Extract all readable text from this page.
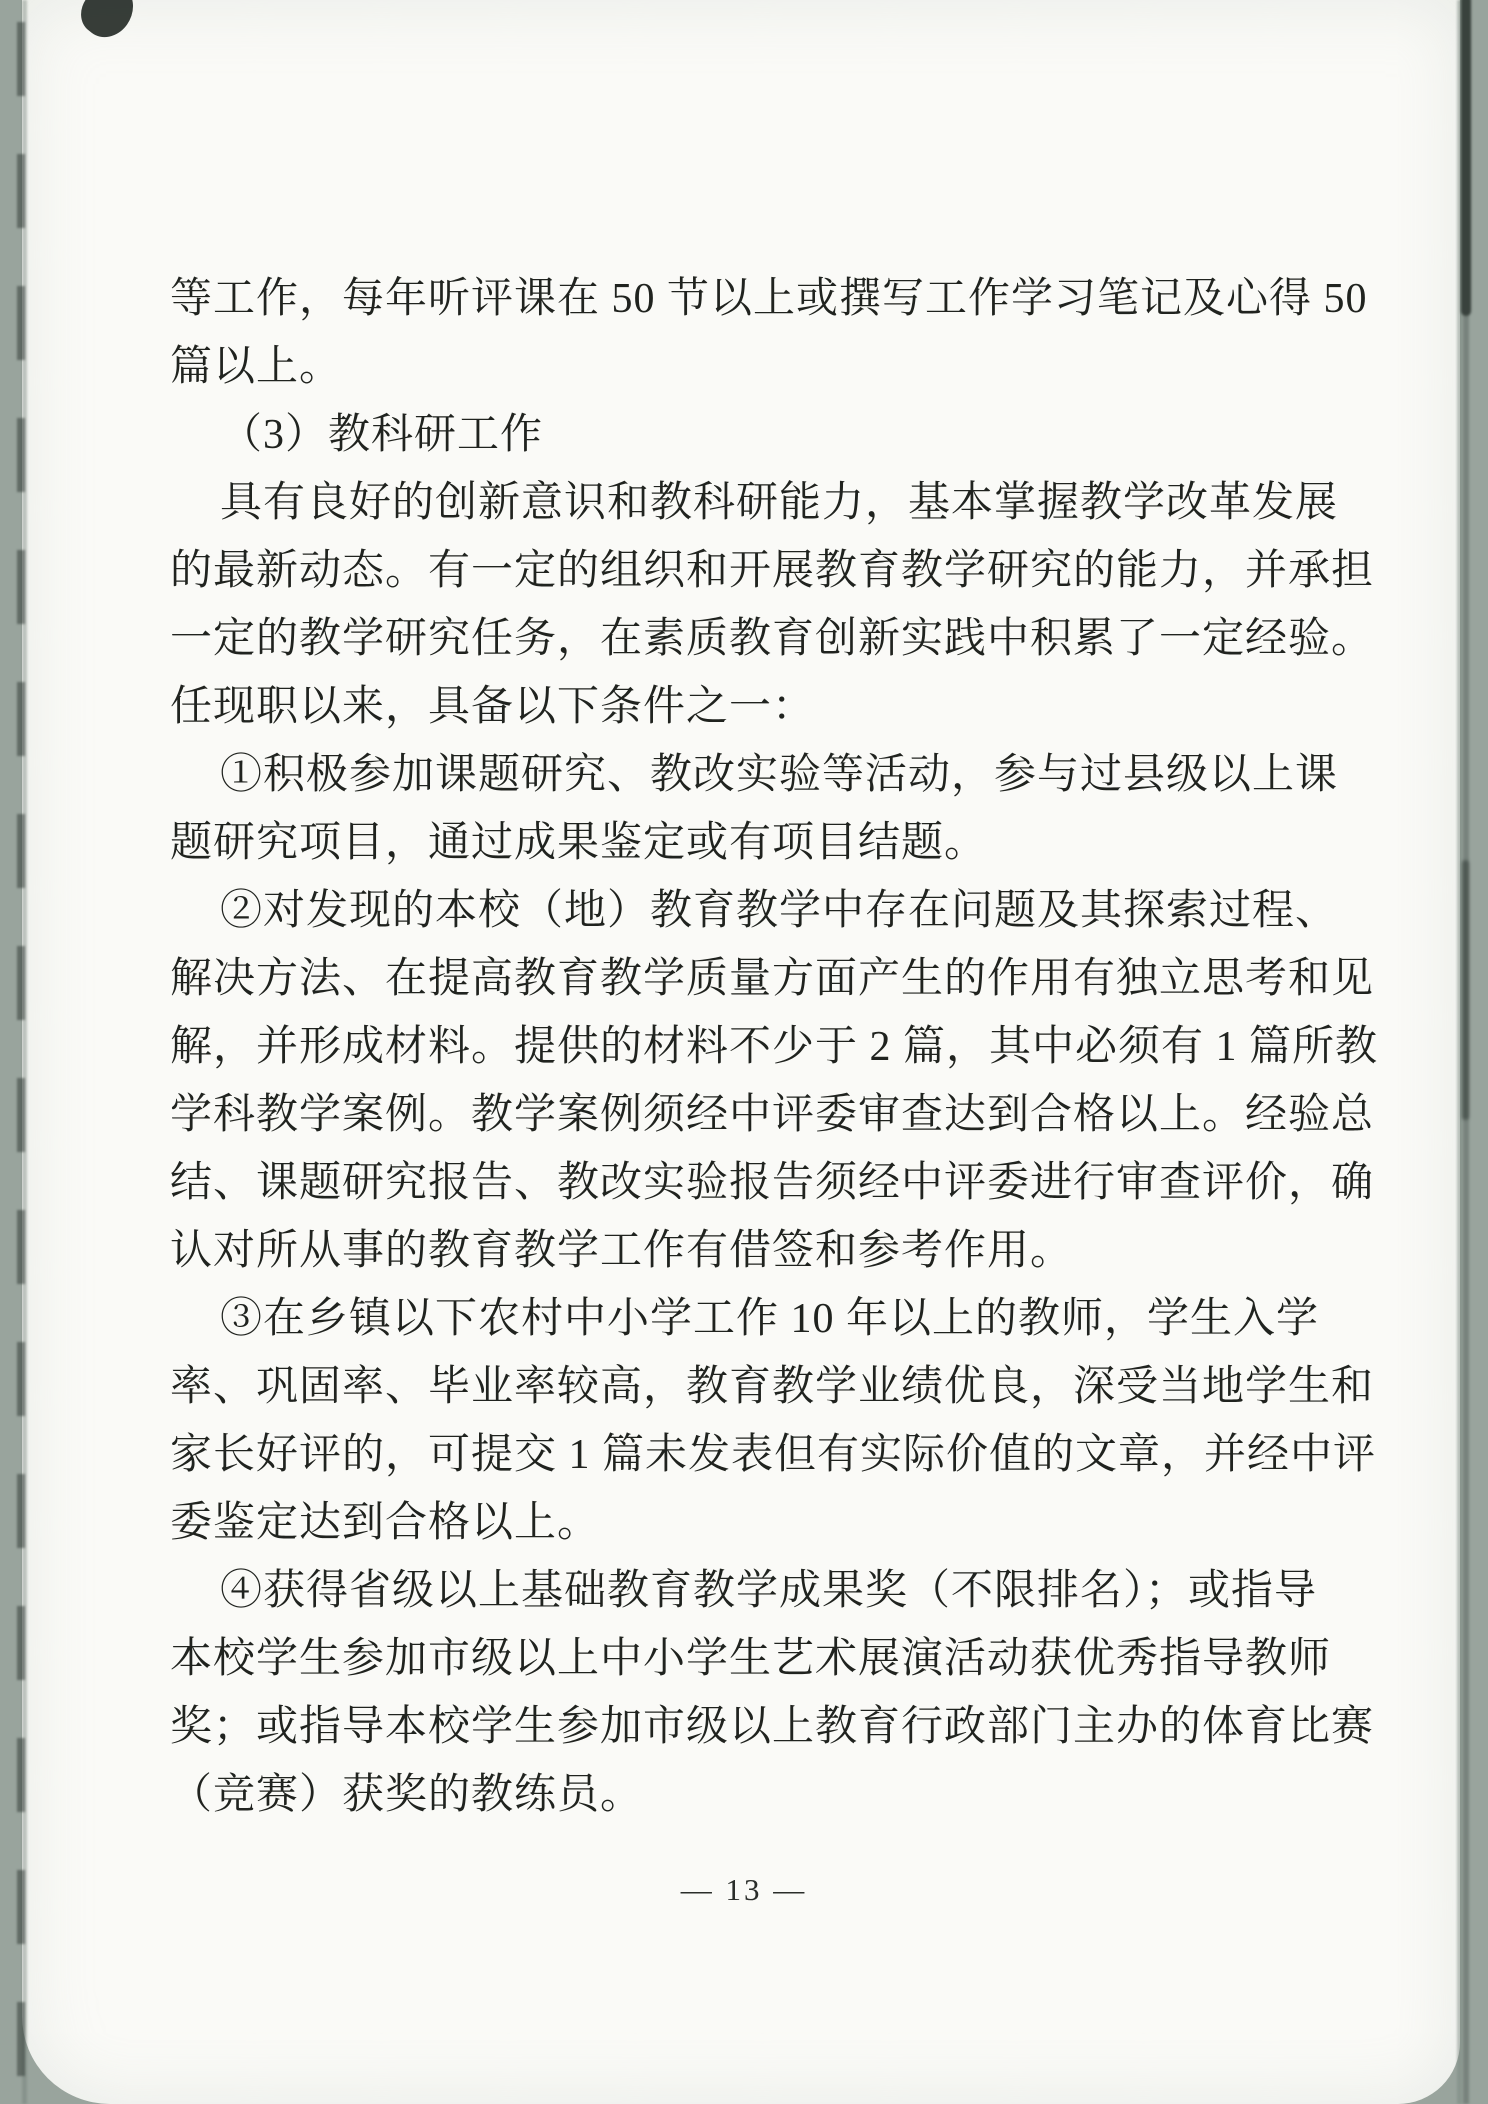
等工作，每年听评课在 50 节以上或撰写工作学习笔记及心得 50
篇以上。
（3）教科研工作
具有良好的创新意识和教科研能力，基本掌握教学改革发展
的最新动态。有一定的组织和开展教育教学研究的能力，并承担
一定的教学研究任务，在素质教育创新实践中积累了一定经验。
任现职以来，具备以下条件之一：
①积极参加课题研究、教改实验等活动，参与过县级以上课
题研究项目，通过成果鉴定或有项目结题。
②对发现的本校（地）教育教学中存在问题及其探索过程、
解决方法、在提高教育教学质量方面产生的作用有独立思考和见
解，并形成材料。提供的材料不少于 2 篇，其中必须有 1 篇所教
学科教学案例。教学案例须经中评委审查达到合格以上。经验总
结、课题研究报告、教改实验报告须经中评委进行审查评价，确
认对所从事的教育教学工作有借签和参考作用。
③在乡镇以下农村中小学工作 10 年以上的教师，学生入学
率、巩固率、毕业率较高，教育教学业绩优良，深受当地学生和
家长好评的，可提交 1 篇未发表但有实际价值的文章，并经中评
委鉴定达到合格以上。
④获得省级以上基础教育教学成果奖（不限排名）；或指导
本校学生参加市级以上中小学生艺术展演活动获优秀指导教师
奖；或指导本校学生参加市级以上教育行政部门主办的体育比赛
（竞赛）获奖的教练员。
— 13 —
